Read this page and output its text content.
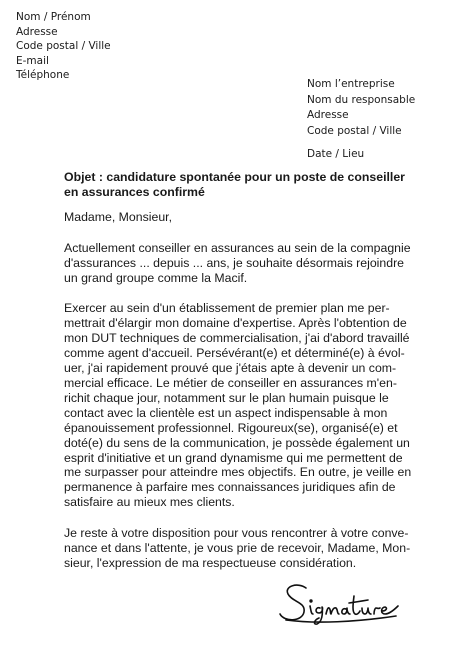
Nom / Prénom
Adresse
Code postal / Ville
E-mail
Téléphone
Nom l’entreprise
Nom du responsable
Adresse
Code postal / Ville
Date / Lieu
Objet : candidature spontanée pour un poste de conseiller
en assurances confirmé
Madame, Monsieur,
Actuellement conseiller en assurances au sein de la compagnie
d'assurances ... depuis ... ans, je souhaite désormais rejoindre
un grand groupe comme la Macif.
Exercer au sein d'un établissement de premier plan me per-
mettrait d'élargir mon domaine d'expertise. Après l'obtention de
mon DUT techniques de commercialisation, j'ai d'abord travaillé
comme agent d'accueil. Persévérant(e) et déterminé(e) à évol-
uer, j'ai rapidement prouvé que j'étais apte à devenir un com-
mercial efficace. Le métier de conseiller en assurances m'en-
richit chaque jour, notamment sur le plan humain puisque le
contact avec la clientèle est un aspect indispensable à mon
épanouissement professionnel. Rigoureux(se), organisé(e) et
doté(e) du sens de la communication, je possède également un
esprit d'initiative et un grand dynamisme qui me permettent de
me surpasser pour atteindre mes objectifs. En outre, je veille en
permanence à parfaire mes connaissances juridiques afin de
satisfaire au mieux mes clients.
Je reste à votre disposition pour vous rencontrer à votre conve-
nance et dans l'attente, je vous prie de recevoir, Madame, Mon-
sieur, l'expression de ma respectueuse considération.
